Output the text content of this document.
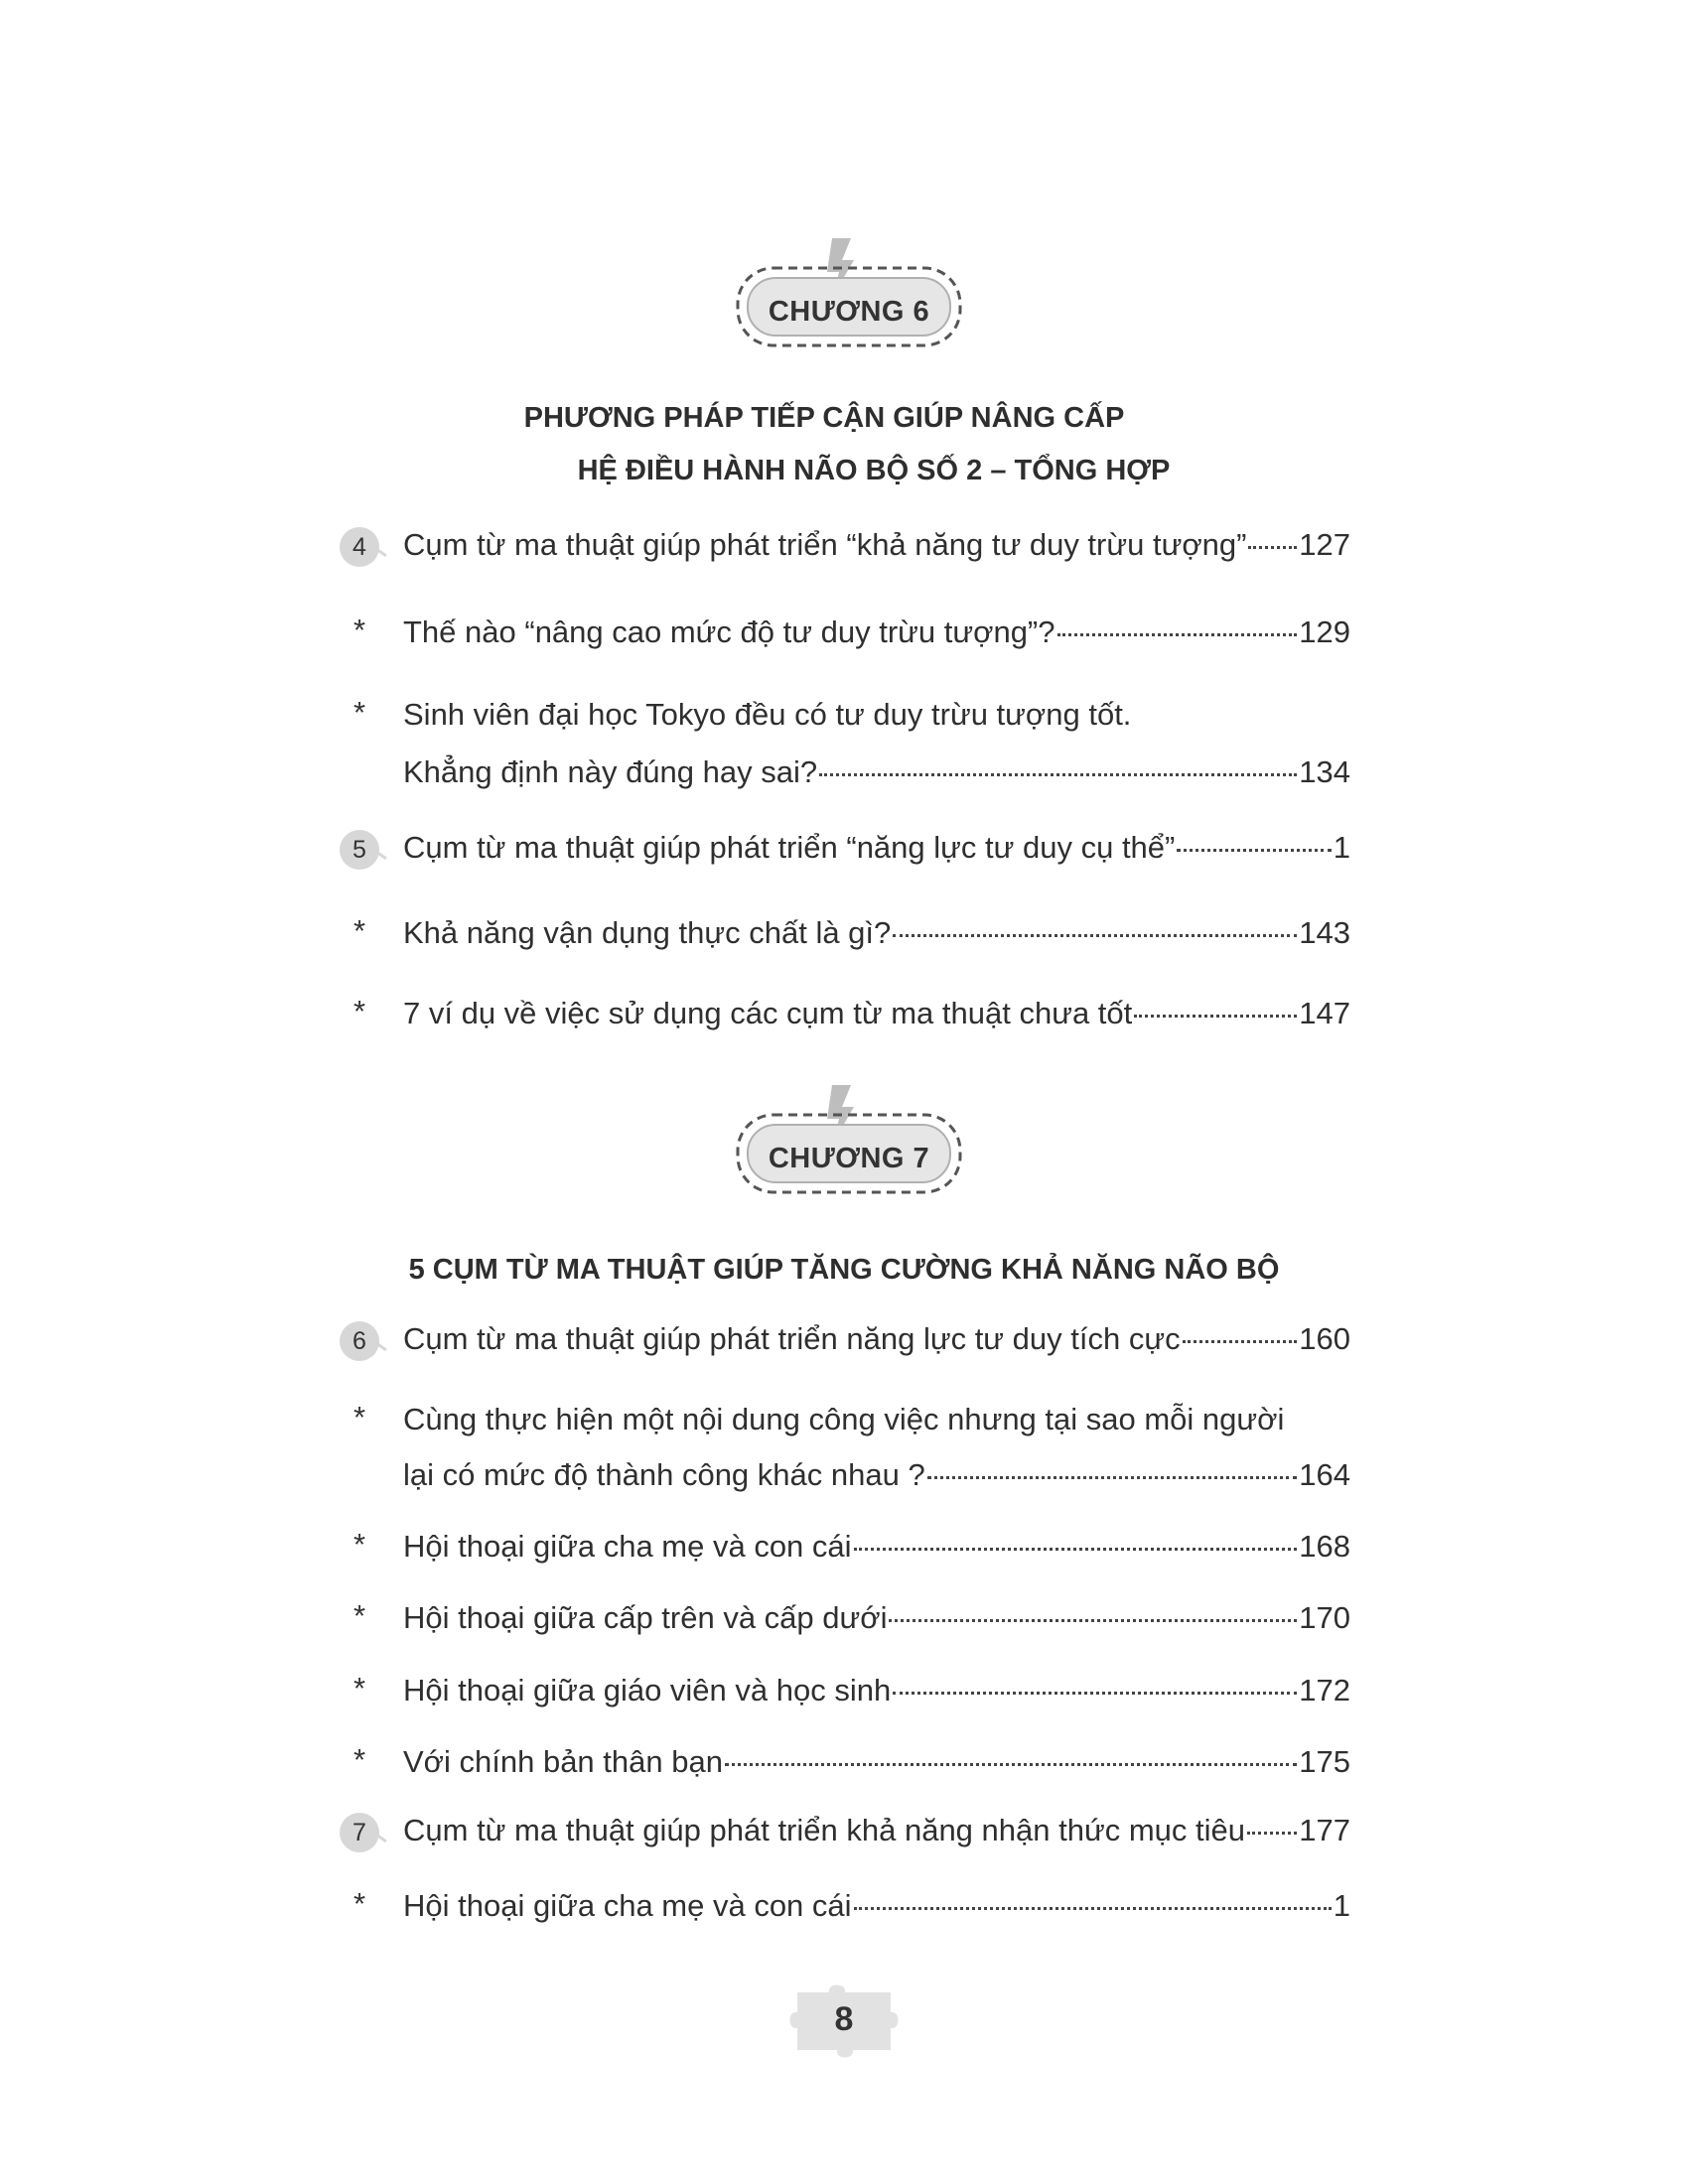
CHƯƠNG 6
PHƯƠNG PHÁP TIẾP CẬN GIÚP NÂNG CẤP
HỆ ĐIỀU HÀNH NÃO BỘ SỐ 2 – TỔNG HỢP
4	Cụm từ ma thuật giúp phát triển “khả năng tư duy trừu tượng” 127
*	Thế nào “nâng cao mức độ tư duy trừu tượng”?	129
*	Sinh viên đại học Tokyo đều có tư duy trừu tượng tốt.
Khẳng định này đúng hay sai?	134
5	Cụm từ ma thuật giúp phát triển “năng lực tư duy cụ thể”	1
*	Khả năng vận dụng thực chất là gì?	143
*	7 ví dụ về việc sử dụng các cụm từ ma thuật chưa tốt	147
CHƯƠNG 7
5 CỤM TỪ MA THUẬT GIÚP TĂNG CƯỜNG KHẢ NĂNG NÃO BỘ
6	Cụm từ ma thuật giúp phát triển năng lực tư duy tích cực	160
*	Cùng thực hiện một nội dung công việc nhưng tại sao mỗi người
lại có mức độ thành công khác nhau ?	164
*	Hội thoại giữa cha mẹ và con cái	168
*	Hội thoại giữa cấp trên và cấp dưới	170
*	Hội thoại giữa giáo viên và học sinh	172
*	Với chính bản thân bạn	175
7	Cụm từ ma thuật giúp phát triển khả năng nhận thức mục tiêu 177
*	Hội thoại giữa cha mẹ và con cái	1
8
